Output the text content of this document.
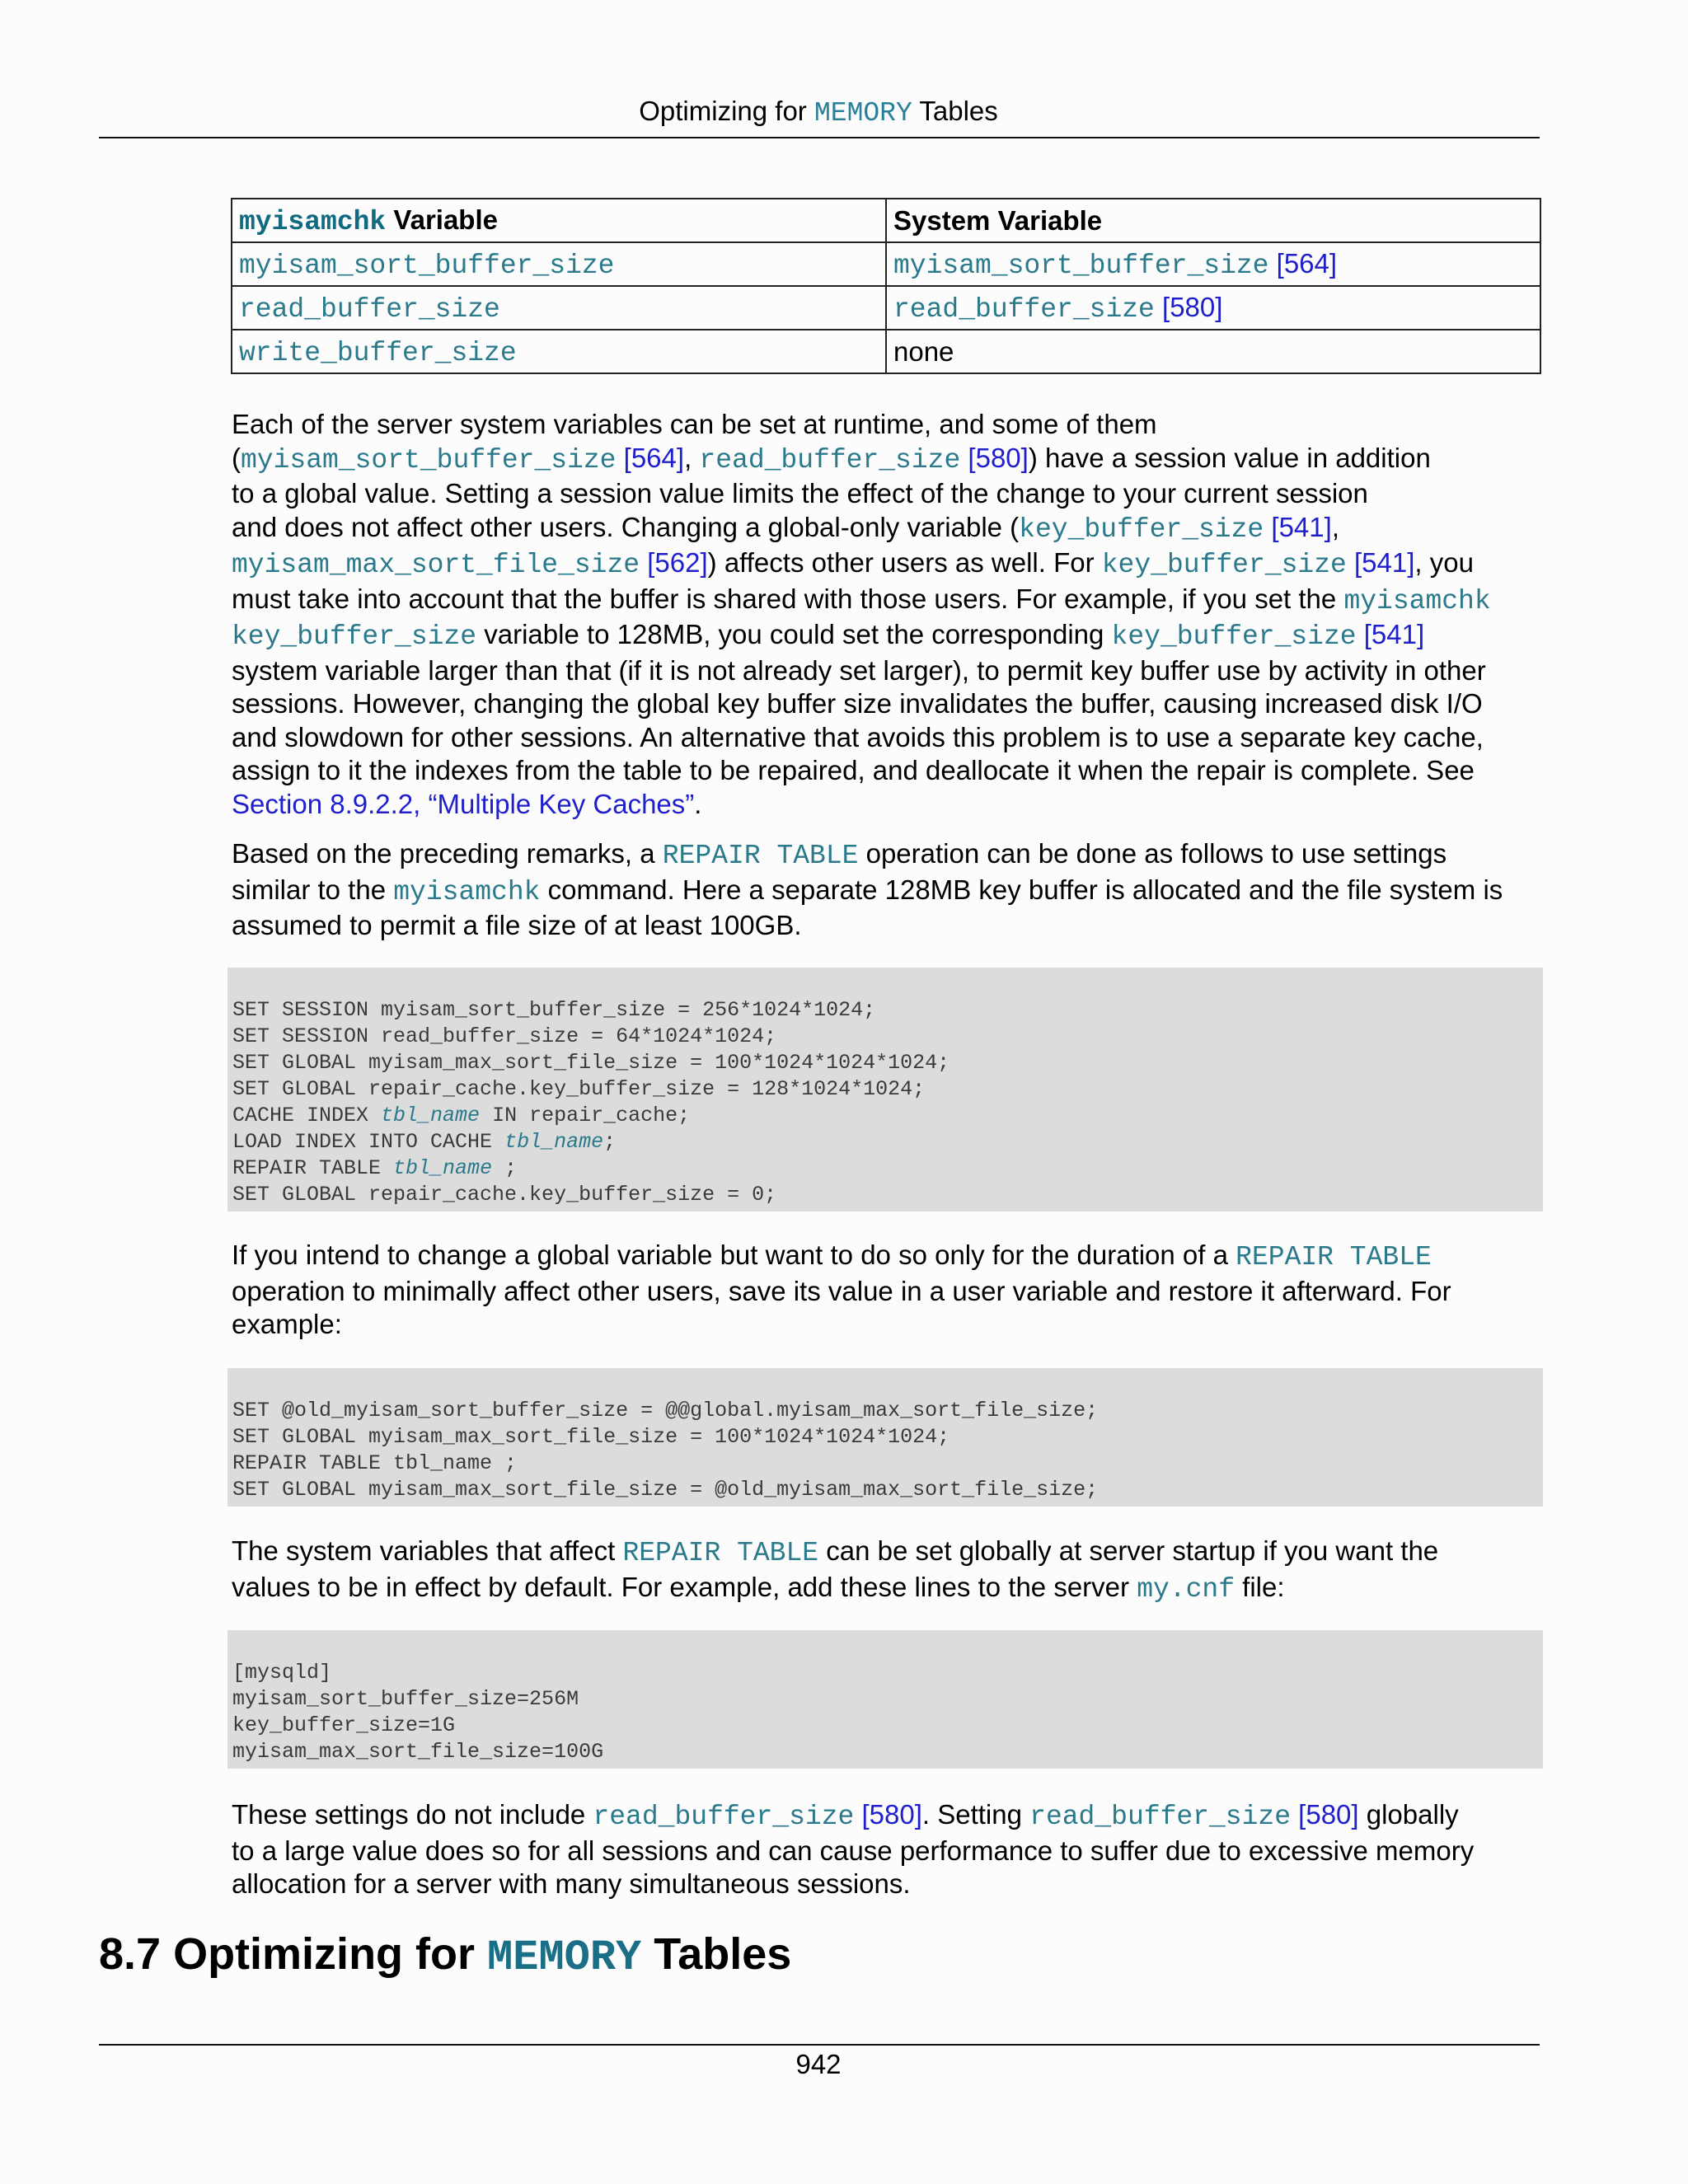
Optimizing for MEMORY Tables
myisamchk Variable	System Variable
myisam_sort_buffer_size	myisam_sort_buffer_size [564]
read_buffer_size	read_buffer_size [580]
write_buffer_size	none

Each of the server system variables can be set at runtime, and some of them
(myisam_sort_buffer_size [564], read_buffer_size [580]) have a session value in addition
to a global value. Setting a session value limits the effect of the change to your current session
and does not affect other users. Changing a global-only variable (key_buffer_size [541],
myisam_max_sort_file_size [562]) affects other users as well. For key_buffer_size [541], you
must take into account that the buffer is shared with those users. For example, if you set the myisamchk
key_buffer_size variable to 128MB, you could set the corresponding key_buffer_size [541]
system variable larger than that (if it is not already set larger), to permit key buffer use by activity in other
sessions. However, changing the global key buffer size invalidates the buffer, causing increased disk I/O
and slowdown for other sessions. An alternative that avoids this problem is to use a separate key cache,
assign to it the indexes from the table to be repaired, and deallocate it when the repair is complete. See
Section 8.9.2.2, “Multiple Key Caches”.

Based on the preceding remarks, a REPAIR TABLE operation can be done as follows to use settings
similar to the myisamchk command. Here a separate 128MB key buffer is allocated and the file system is
assumed to permit a file size of at least 100GB.

SET SESSION myisam_sort_buffer_size = 256*1024*1024;
SET SESSION read_buffer_size = 64*1024*1024;
SET GLOBAL myisam_max_sort_file_size = 100*1024*1024*1024;
SET GLOBAL repair_cache.key_buffer_size = 128*1024*1024;
CACHE INDEX tbl_name IN repair_cache;
LOAD INDEX INTO CACHE tbl_name;
REPAIR TABLE tbl_name ;
SET GLOBAL repair_cache.key_buffer_size = 0;

If you intend to change a global variable but want to do so only for the duration of a REPAIR TABLE
operation to minimally affect other users, save its value in a user variable and restore it afterward. For
example:

SET @old_myisam_sort_buffer_size = @@global.myisam_max_sort_file_size;
SET GLOBAL myisam_max_sort_file_size = 100*1024*1024*1024;
REPAIR TABLE tbl_name ;
SET GLOBAL myisam_max_sort_file_size = @old_myisam_max_sort_file_size;

The system variables that affect REPAIR TABLE can be set globally at server startup if you want the
values to be in effect by default. For example, add these lines to the server my.cnf file:

[mysqld]
myisam_sort_buffer_size=256M
key_buffer_size=1G
myisam_max_sort_file_size=100G

These settings do not include read_buffer_size [580]. Setting read_buffer_size [580] globally
to a large value does so for all sessions and can cause performance to suffer due to excessive memory
allocation for a server with many simultaneous sessions.

8.7 Optimizing for MEMORY Tables
942
